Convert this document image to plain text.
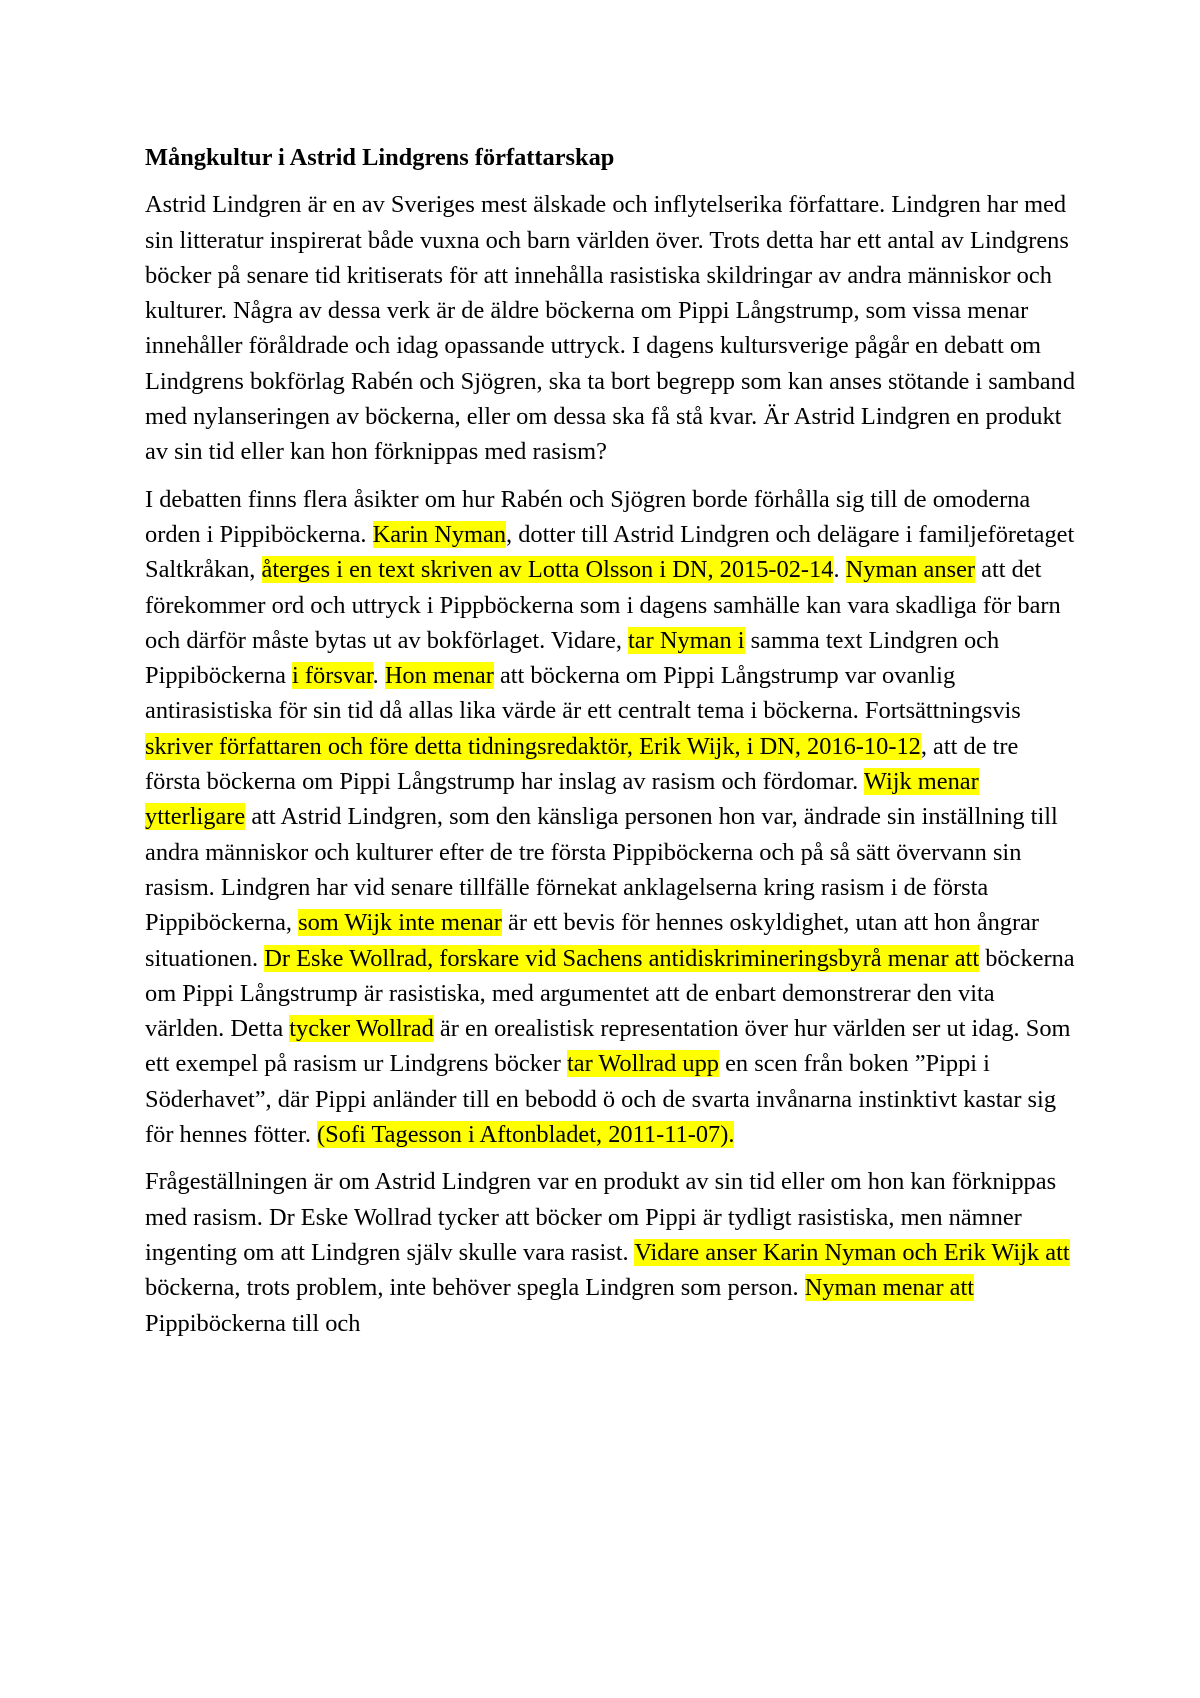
Mångkultur i Astrid Lindgrens författarskap

Astrid Lindgren är en av Sveriges mest älskade och inflytelserika författare. Lindgren har med sin litteratur inspirerat både vuxna och barn världen över. Trots detta har ett antal av Lindgrens böcker på senare tid kritiserats för att innehålla rasistiska skildringar av andra människor och kulturer. Några av dessa verk är de äldre böckerna om Pippi Långstrump, som vissa menar innehåller föråldrade och idag opassande uttryck. I dagens kultursverige pågår en debatt om Lindgrens bokförlag Rabén och Sjögren, ska ta bort begrepp som kan anses stötande i samband med nylanseringen av böckerna, eller om dessa ska få stå kvar. Är Astrid Lindgren en produkt av sin tid eller kan hon förknippas med rasism?

I debatten finns flera åsikter om hur Rabén och Sjögren borde förhålla sig till de omoderna orden i Pippiböckerna. Karin Nyman, dotter till Astrid Lindgren och delägare i familjeföretaget Saltkråkan, återges i en text skriven av Lotta Olsson i DN, 2015-02-14. Nyman anser att det förekommer ord och uttryck i Pippböckerna som i dagens samhälle kan vara skadliga för barn och därför måste bytas ut av bokförlaget. Vidare, tar Nyman i samma text Lindgren och Pippiböckerna i försvar. Hon menar att böckerna om Pippi Långstrump var ovanlig antirasistiska för sin tid då allas lika värde är ett centralt tema i böckerna. Fortsättningsvis skriver författaren och före detta tidningsredaktör, Erik Wijk, i DN, 2016-10-12, att de tre första böckerna om Pippi Långstrump har inslag av rasism och fördomar. Wijk menar ytterligare att Astrid Lindgren, som den känsliga personen hon var, ändrade sin inställning till andra människor och kulturer efter de tre första Pippiböckerna och på så sätt övervann sin rasism. Lindgren har vid senare tillfälle förnekat anklagelserna kring rasism i de första Pippiböckerna, som Wijk inte menar är ett bevis för hennes oskyldighet, utan att hon ångrar situationen. Dr Eske Wollrad, forskare vid Sachens antidiskrimineringsbyrå menar att böckerna om Pippi Långstrump är rasistiska, med argumentet att de enbart demonstrerar den vita världen. Detta tycker Wollrad är en orealistisk representation över hur världen ser ut idag. Som ett exempel på rasism ur Lindgrens böcker tar Wollrad upp en scen från boken ”Pippi i Söderhavet”, där Pippi anländer till en bebodd ö och de svarta invånarna instinktivt kastar sig för hennes fötter. (Sofi Tagesson i Aftonbladet, 2011-11-07).

Frågeställningen är om Astrid Lindgren var en produkt av sin tid eller om hon kan förknippas med rasism. Dr Eske Wollrad tycker att böcker om Pippi är tydligt rasistiska, men nämner ingenting om att Lindgren själv skulle vara rasist. Vidare anser Karin Nyman och Erik Wijk att böckerna, trots problem, inte behöver spegla Lindgren som person. Nyman menar att Pippiböckerna till och
